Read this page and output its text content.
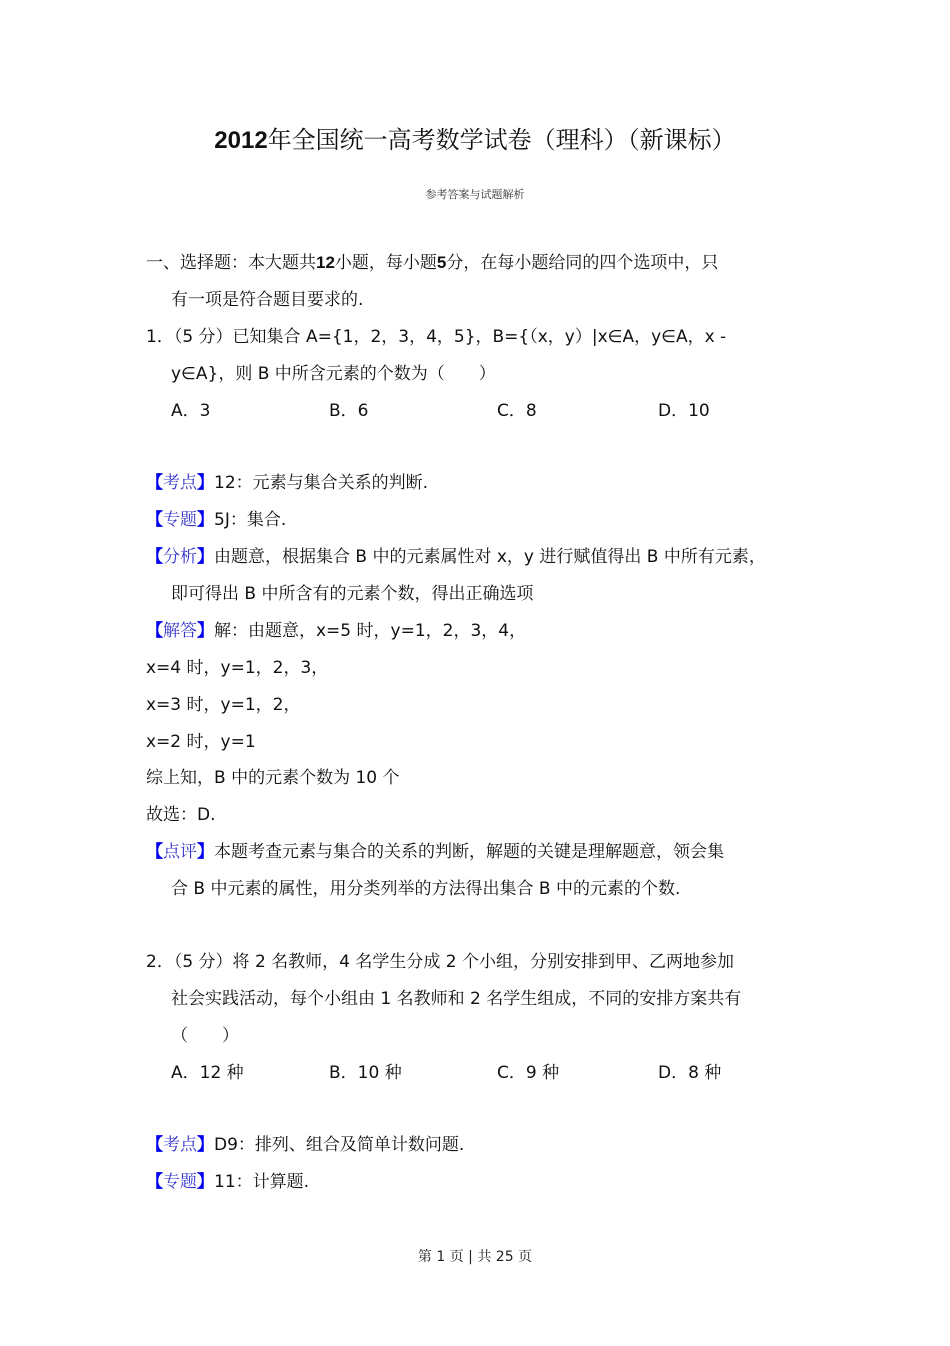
2012年全国统一高考数学试卷（理科）（新课标）
参考答案与试题解析
一、选择题：本大题共12小题，每小题5分，在每小题给同的四个选项中，只
有一项是符合题目要求的.
1．（5 分）已知集合 A={1，2，3，4，5}，B={（x，y）|x∈A，y∈A，x -
y∈A}，则 B 中所含元素的个数为（　　）
A．3	B．6	C．8	D．10
【考点】12：元素与集合关系的判断.
【专题】5J：集合.
【分析】由题意，根据集合 B 中的元素属性对 x，y 进行赋值得出 B 中所有元素，
即可得出 B 中所含有的元素个数，得出正确选项
【解答】解：由题意，x=5 时，y=1，2，3，4，
x=4 时，y=1，2，3，
x=3 时，y=1，2，
x=2 时，y=1
综上知，B 中的元素个数为 10 个
故选：D.
【点评】本题考查元素与集合的关系的判断，解题的关键是理解题意，领会集
合 B 中元素的属性，用分类列举的方法得出集合 B 中的元素的个数.
2．（5 分）将 2 名教师，4 名学生分成 2 个小组，分别安排到甲、乙两地参加
社会实践活动，每个小组由 1 名教师和 2 名学生组成，不同的安排方案共有
（　　）
A．12 种	B．10 种	C．9 种	D．8 种
【考点】D9：排列、组合及简单计数问题.
【专题】11：计算题.
第 1 页 | 共 25 页
